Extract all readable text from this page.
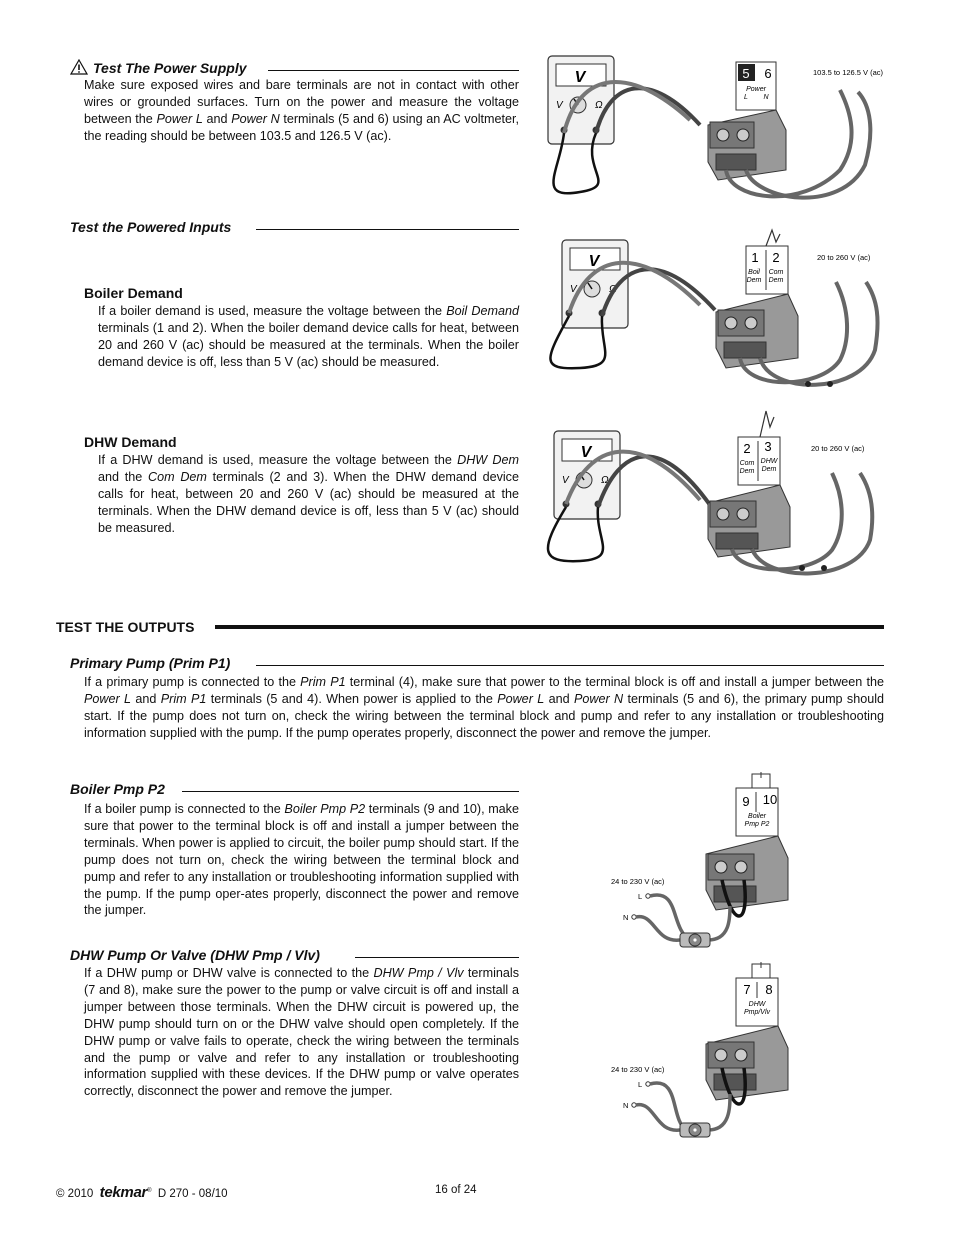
Test The Power Supply
Make sure exposed wires and bare terminals are not in contact with other wires or grounded surfaces. Turn on the power and measure the voltage between the Power L and Power N terminals (5 and 6) using an AC voltmeter, the reading should be between 103.5 and 126.5 V (ac).
Test the Powered Inputs
Boiler Demand
If a boiler demand is used, measure the voltage between the Boil Demand terminals (1 and 2). When the boiler demand device calls for heat, between 20 and 260 V (ac) should be measured at the terminals. When the boiler demand device is off, less than 5 V (ac) should be measured.
DHW Demand
If a DHW demand is used, measure the voltage between the DHW Dem and the Com Dem terminals (2 and 3). When the DHW demand device calls for heat, between 20 and 260 V (ac) should be measured at the terminals. When the DHW demand device is off, less than 5 V (ac) should be measured.
TEST THE OUTPUTS
Primary Pump (Prim P1)
If a primary pump is connected to the Prim P1 terminal (4), make sure that power to the terminal block is off and install a jumper between the Power L and Prim P1 terminals (5 and 4). When power is applied to the Power L and Power N terminals (5 and 6), the primary pump should start. If the pump does not turn on, check the wiring between the terminal block and pump and refer to any installation or troubleshooting information supplied with the pump. If the pump operates properly, disconnect the power and remove the jumper.
Boiler Pmp P2
If a boiler pump is connected to the Boiler Pmp P2 terminals (9 and 10), make sure that power to the terminal block is off and install a jumper between the terminals. When power is applied to circuit, the boiler pump should start. If the pump does not turn on, check the wiring between the terminal block and pump and refer to any installation or troubleshooting information supplied with the pump. If the pump oper-ates properly, disconnect the power and remove the jumper.
DHW Pump Or Valve (DHW Pmp / Vlv)
If a DHW pump or DHW valve is connected to the DHW Pmp / Vlv terminals (7 and 8), make sure the power to the pump or valve circuit is off and install a jumper between those terminals. When the DHW circuit is powered up, the DHW pump should turn on or the DHW valve should open completely. If the DHW pump or valve fails to operate, check the wiring between the terminals and the pump or valve and refer to any installation or troubleshooting information supplied with these devices. If the DHW pump or valve operates correctly, disconnect the power and remove the jumper.
V
V	Ω
5 6
Power
L N
103.5 to 126.5 V (ac)
V
V	Ω
1 2
Boil
Dem
Com
Dem
20 to 260 V (ac)
V
V	Ω
2 3
Com
Dem
DHW
Dem
20 to 260 V (ac)
9 10
Boiler
Pmp P2
24 to 230 V (ac)
L
N
7 8
DHW
Pmp/Vlv
24 to 230 V (ac)
L
N
© 2010 tekmar® D 270 - 08/10	16 of 24
